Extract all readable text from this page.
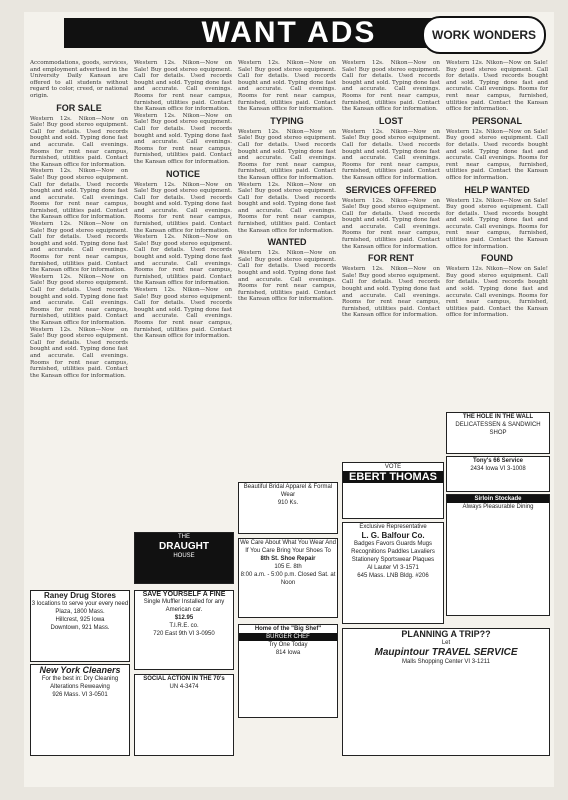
WANT ADS	WORK WONDERS
Accommodations, goods, services, and employment advertised in the University Daily Kansan are offered to all students without regard to color, creed, or national origin.
FOR SALE
Western 12s. Nikon—Now on Sale! Buy good stereo equipment. Call for details. Used records bought and sold. Typing done fast and accurate. Call evenings. Rooms for rent near campus, furnished, utilities paid. Contact the Kansan office for information.
Western 12s. Nikon—Now on Sale! Buy good stereo equipment. Call for details. Used records bought and sold. Typing done fast and accurate. Call evenings. Rooms for rent near campus, furnished, utilities paid. Contact the Kansan office for information.
Western 12s. Nikon—Now on Sale! Buy good stereo equipment. Call for details. Used records bought and sold. Typing done fast and accurate. Call evenings. Rooms for rent near campus, furnished, utilities paid. Contact the Kansan office for information.
Western 12s. Nikon—Now on Sale! Buy good stereo equipment. Call for details. Used records bought and sold. Typing done fast and accurate. Call evenings. Rooms for rent near campus, furnished, utilities paid. Contact the Kansan office for information.
Western 12s. Nikon—Now on Sale! Buy good stereo equipment. Call for details. Used records bought and sold. Typing done fast and accurate. Call evenings. Rooms for rent near campus, furnished, utilities paid. Contact the Kansan office for information.
Western 12s. Nikon—Now on Sale! Buy good stereo equipment. Call for details. Used records bought and sold. Typing done fast and accurate. Call evenings. Rooms for rent near campus, furnished, utilities paid. Contact the Kansan office for information.
Western 12s. Nikon—Now on Sale! Buy good stereo equipment. Call for details. Used records bought and sold. Typing done fast and accurate. Call evenings. Rooms for rent near campus, furnished, utilities paid. Contact the Kansan office for information.
NOTICE
Western 12s. Nikon—Now on Sale! Buy good stereo equipment. Call for details. Used records bought and sold. Typing done fast and accurate. Call evenings. Rooms for rent near campus, furnished, utilities paid. Contact the Kansan office for information.
Western 12s. Nikon—Now on Sale! Buy good stereo equipment. Call for details. Used records bought and sold. Typing done fast and accurate. Call evenings. Rooms for rent near campus, furnished, utilities paid. Contact the Kansan office for information.
Western 12s. Nikon—Now on Sale! Buy good stereo equipment. Call for details. Used records bought and sold. Typing done fast and accurate. Call evenings. Rooms for rent near campus, furnished, utilities paid. Contact the Kansan office for information.
Western 12s. Nikon—Now on Sale! Buy good stereo equipment. Call for details. Used records bought and sold. Typing done fast and accurate. Call evenings. Rooms for rent near campus, furnished, utilities paid. Contact the Kansan office for information.
TYPING
Western 12s. Nikon—Now on Sale! Buy good stereo equipment. Call for details. Used records bought and sold. Typing done fast and accurate. Call evenings. Rooms for rent near campus, furnished, utilities paid. Contact the Kansan office for information.
Western 12s. Nikon—Now on Sale! Buy good stereo equipment. Call for details. Used records bought and sold. Typing done fast and accurate. Call evenings. Rooms for rent near campus, furnished, utilities paid. Contact the Kansan office for information.
WANTED
Western 12s. Nikon—Now on Sale! Buy good stereo equipment. Call for details. Used records bought and sold. Typing done fast and accurate. Call evenings. Rooms for rent near campus, furnished, utilities paid. Contact the Kansan office for information.
Western 12s. Nikon—Now on Sale! Buy good stereo equipment. Call for details. Used records bought and sold. Typing done fast and accurate. Call evenings. Rooms for rent near campus, furnished, utilities paid. Contact the Kansan office for information.
LOST
Western 12s. Nikon—Now on Sale! Buy good stereo equipment. Call for details. Used records bought and sold. Typing done fast and accurate. Call evenings. Rooms for rent near campus, furnished, utilities paid. Contact the Kansan office for information.
SERVICES OFFERED
Western 12s. Nikon—Now on Sale! Buy good stereo equipment. Call for details. Used records bought and sold. Typing done fast and accurate. Call evenings. Rooms for rent near campus, furnished, utilities paid. Contact the Kansan office for information.
FOR RENT
Western 12s. Nikon—Now on Sale! Buy good stereo equipment. Call for details. Used records bought and sold. Typing done fast and accurate. Call evenings. Rooms for rent near campus, furnished, utilities paid. Contact the Kansan office for information.
Western 12s. Nikon—Now on Sale! Buy good stereo equipment. Call for details. Used records bought and sold. Typing done fast and accurate. Call evenings. Rooms for rent near campus, furnished, utilities paid. Contact the Kansan office for information.
PERSONAL
Western 12s. Nikon—Now on Sale! Buy good stereo equipment. Call for details. Used records bought and sold. Typing done fast and accurate. Call evenings. Rooms for rent near campus, furnished, utilities paid. Contact the Kansan office for information.
HELP WANTED
Western 12s. Nikon—Now on Sale! Buy good stereo equipment. Call for details. Used records bought and sold. Typing done fast and accurate. Call evenings. Rooms for rent near campus, furnished, utilities paid. Contact the Kansan office for information.
FOUND
Western 12s. Nikon—Now on Sale! Buy good stereo equipment. Call for details. Used records bought and sold. Typing done fast and accurate. Call evenings. Rooms for rent near campus, furnished, utilities paid. Contact the Kansan office for information.
THE HOLE IN THE WALL
DELICATESSEN & SANDWICH SHOP
VOTE
EBERT THOMAS
Tony's 66 Service
2434 Iowa VI 3-1008
Sirloin Stockade
Always Pleasurable Dining
Beautiful Bridal Apparel & Formal Wear
910 Ks.
THE
DRAUGHT
HOUSE
We Care About What You Wear And If You Care Bring Your Shoes To
8th St. Shoe Repair
105 E. 8th
8:00 a.m. - 5:00 p.m. Closed Sat. at Noon
Exclusive Representative
L. G. Balfour Co.
Badges Favors Guards Mugs Recognitions Paddles Lavaliers Stationery Sportswear Plaques
Al Lauter VI 3-1571
645 Mass. LNB Bldg. #206
Raney Drug Stores
3 locations to serve your every need
Plaza, 1800 Mass.
Hillcrest, 925 Iowa
Downtown, 921 Mass.
SAVE YOURSELF A FINE
Single Muffler Installed for any American car.
$12.95
T.I.R.E. co.
720 East 9th VI 3-0950
Home of the "Big Shef"
BURGER CHEF
Try One Today
814 Iowa
New York Cleaners
For the best in: Dry Cleaning Alterations Reweaving
926 Mass. VI 3-0501
SOCIAL ACTION IN THE 70's
UN 4-3474
PLANNING A TRIP??
Let
Maupintour TRAVEL SERVICE
Malls Shopping Center VI 3-1211
